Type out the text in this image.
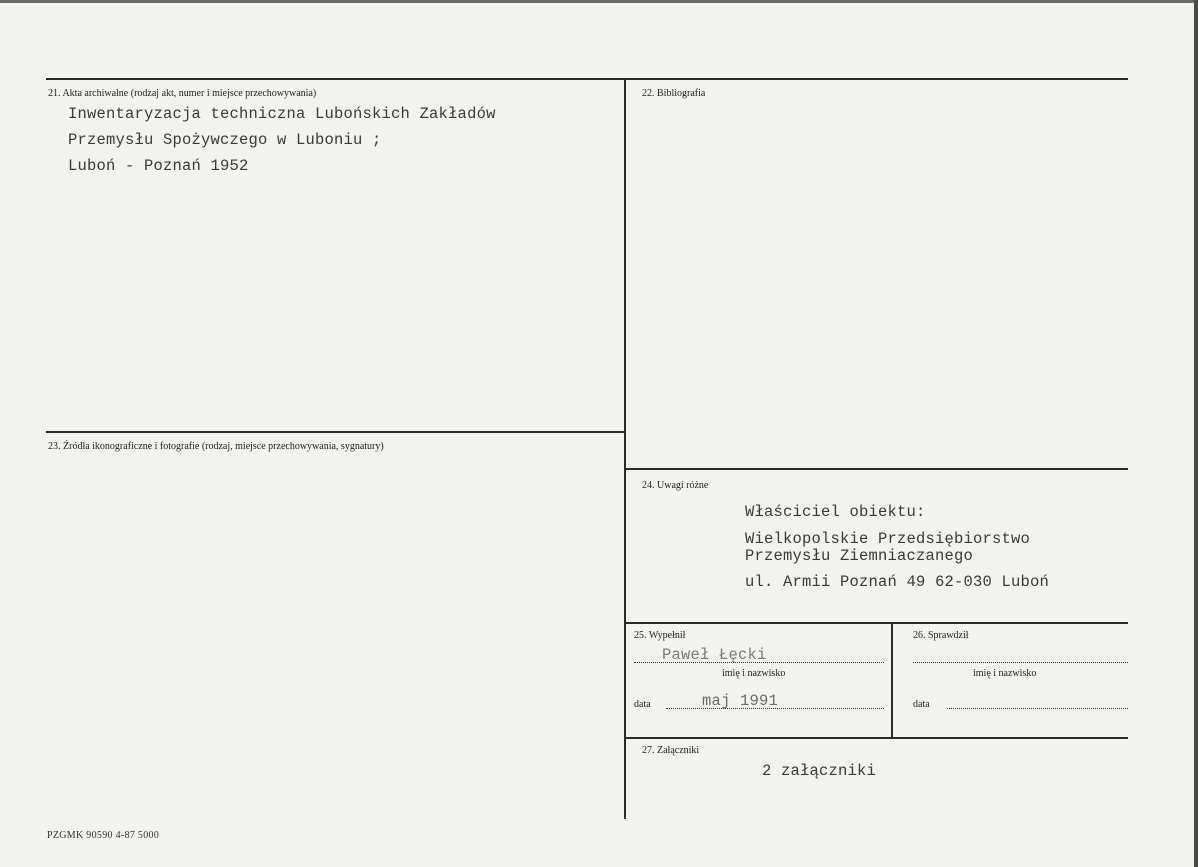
21. Akta archiwalne (rodzaj akt, numer i miejsce przechowywania)
Inwentaryzacja techniczna Lubońskich Zakładów
Przemysłu Spożywczego w Luboniu ;
Luboń - Poznań 1952
22. Bibliografia
23. Źródła ikonograficzne i fotografie (rodzaj, miejsce przechowywania, sygnatury)
24. Uwagi różne
Właściciel obiektu:
Wielkopolskie Przedsiębiorstwo
Przemysłu Ziemniaczanego
ul. Armii Poznań 49 62-030 Luboń
25. Wypełnił
Paweł Łęcki
imię i nazwisko
data	maj 1991
26. Sprawdził
imię i nazwisko
data
27. Załączniki
2 załączniki
PZGMK 90590 4-87 5000
